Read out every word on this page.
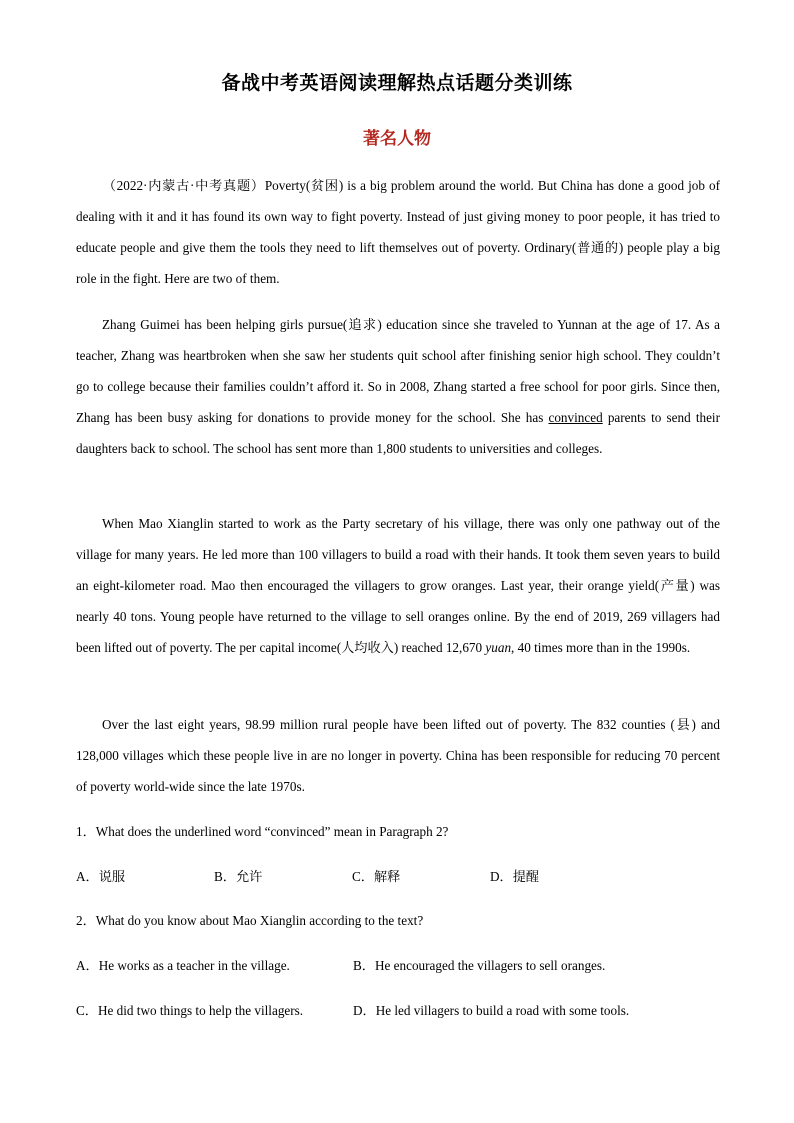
备战中考英语阅读理解热点话题分类训练
著名人物

（2022·内蒙古·中考真题）Poverty(贫困) is a big problem around the world. But China has done a good job of dealing with it and it has found its own way to fight poverty. Instead of just giving money to poor people, it has tried to educate people and give them the tools they need to lift themselves out of poverty. Ordinary(普通的) people play a big role in the fight. Here are two of them.

Zhang Guimei has been helping girls pursue(追求) education since she traveled to Yunnan at the age of 17. As a teacher, Zhang was heartbroken when she saw her students quit school after finishing senior high school. They couldn’t go to college because their families couldn’t afford it. So in 2008, Zhang started a free school for poor girls. Since then, Zhang has been busy asking for donations to provide money for the school. She has convinced parents to send their daughters back to school. The school has sent more than 1,800 students to universities and colleges.

When Mao Xianglin started to work as the Party secretary of his village, there was only one pathway out of the village for many years. He led more than 100 villagers to build a road with their hands. It took them seven years to build an eight-kilometer road. Mao then encouraged the villagers to grow oranges. Last year, their orange yield(产量) was nearly 40 tons. Young people have returned to the village to sell oranges online. By the end of 2019, 269 villagers had been lifted out of poverty. The per capital income(人均收入) reached 12,670 yuan, 40 times more than in the 1990s.

Over the last eight years, 98.99 million rural people have been lifted out of poverty. The 832 counties (县) and 128,000 villages which these people live in are no longer in poverty. China has been responsible for reducing 70 percent of poverty world-wide since the late 1970s.

1．What does the underlined word “convinced” mean in Paragraph 2?

A．说服	B．允许	C．解释	D．提醒

2．What do you know about Mao Xianglin according to the text?

A．He works as a teacher in the village.	B．He encouraged the villagers to sell oranges.
C．He did two things to help the villagers.	D．He led villagers to build a road with some tools.
